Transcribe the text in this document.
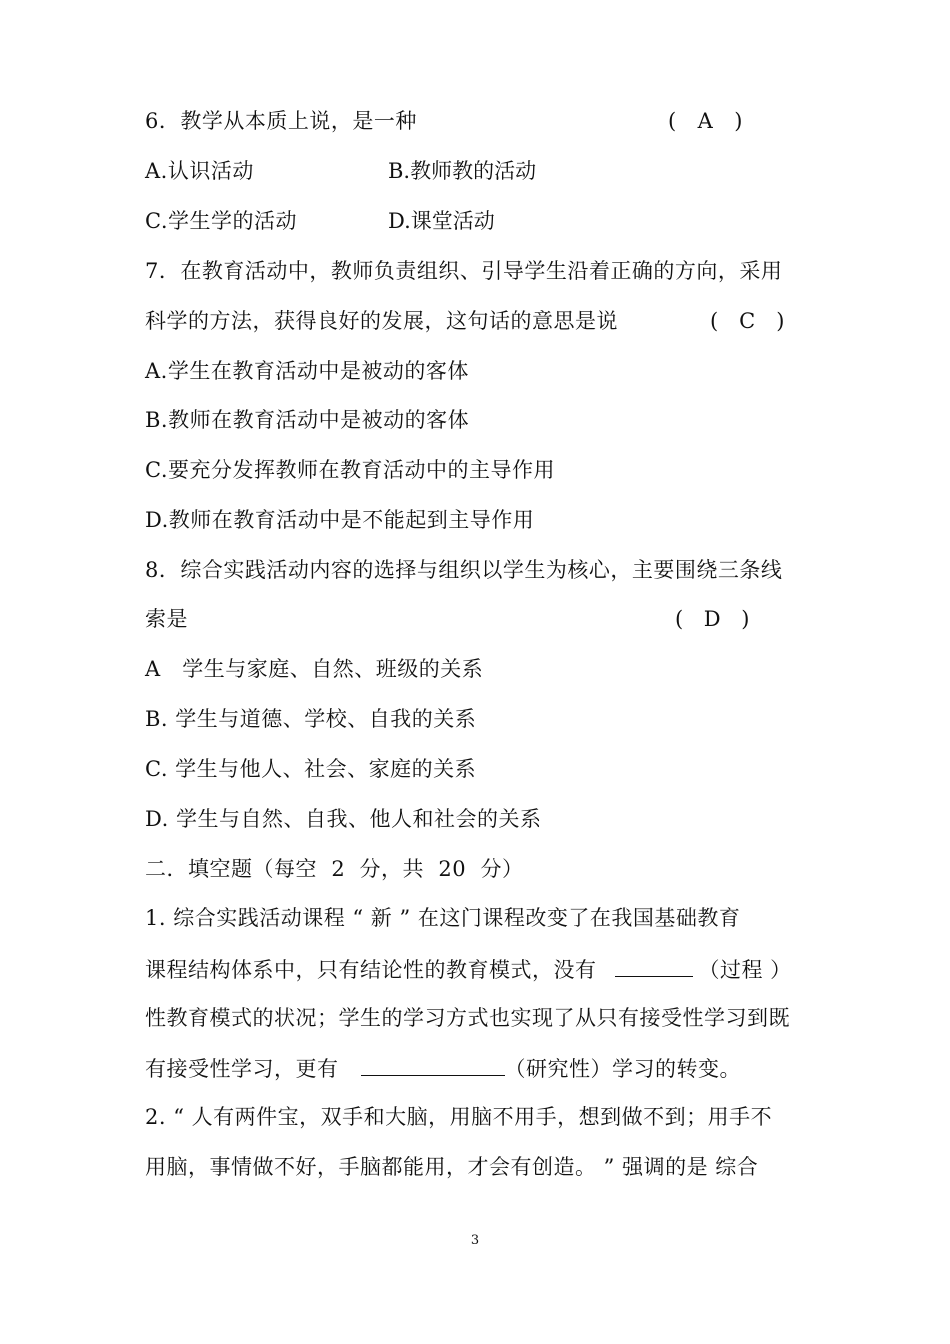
6．教学从本质上说，是一种	( A )
A.认识活动	B.教师教的活动
C.学生学的活动	D.课堂活动
7．在教育活动中，教师负责组织、引导学生沿着正确的方向，采用
科学的方法，获得良好的发展，这句话的意思是说	( C )
A.学生在教育活动中是被动的客体
B.教师在教育活动中是被动的客体
C.要充分发挥教师在教育活动中的主导作用
D.教师在教育活动中是不能起到主导作用
8．综合实践活动内容的选择与组织以学生为核心，主要围绕三条线
索是	( D )
A   学生与家庭、自然、班级的关系
B. 学生与道德、学校、自我的关系
C. 学生与他人、社会、家庭的关系
D. 学生与自然、自我、他人和社会的关系
二．填空题（每空  2  分，共  20  分）
1. 综合实践活动课程 “ 新 ” 在这门课程改变了在我国基础教育
课程结构体系中，只有结论性的教育模式，没有	（过程 ）
性教育模式的状况；学生的学习方式也实现了从只有接受性学习到既
有接受性学习，更有	（研究性）学习的转变。
2. “ 人有两件宝，双手和大脑，用脑不用手，想到做不到；用手不
用脑，事情做不好，手脑都能用，才会有创造。 ” 强调的是 综合
3
